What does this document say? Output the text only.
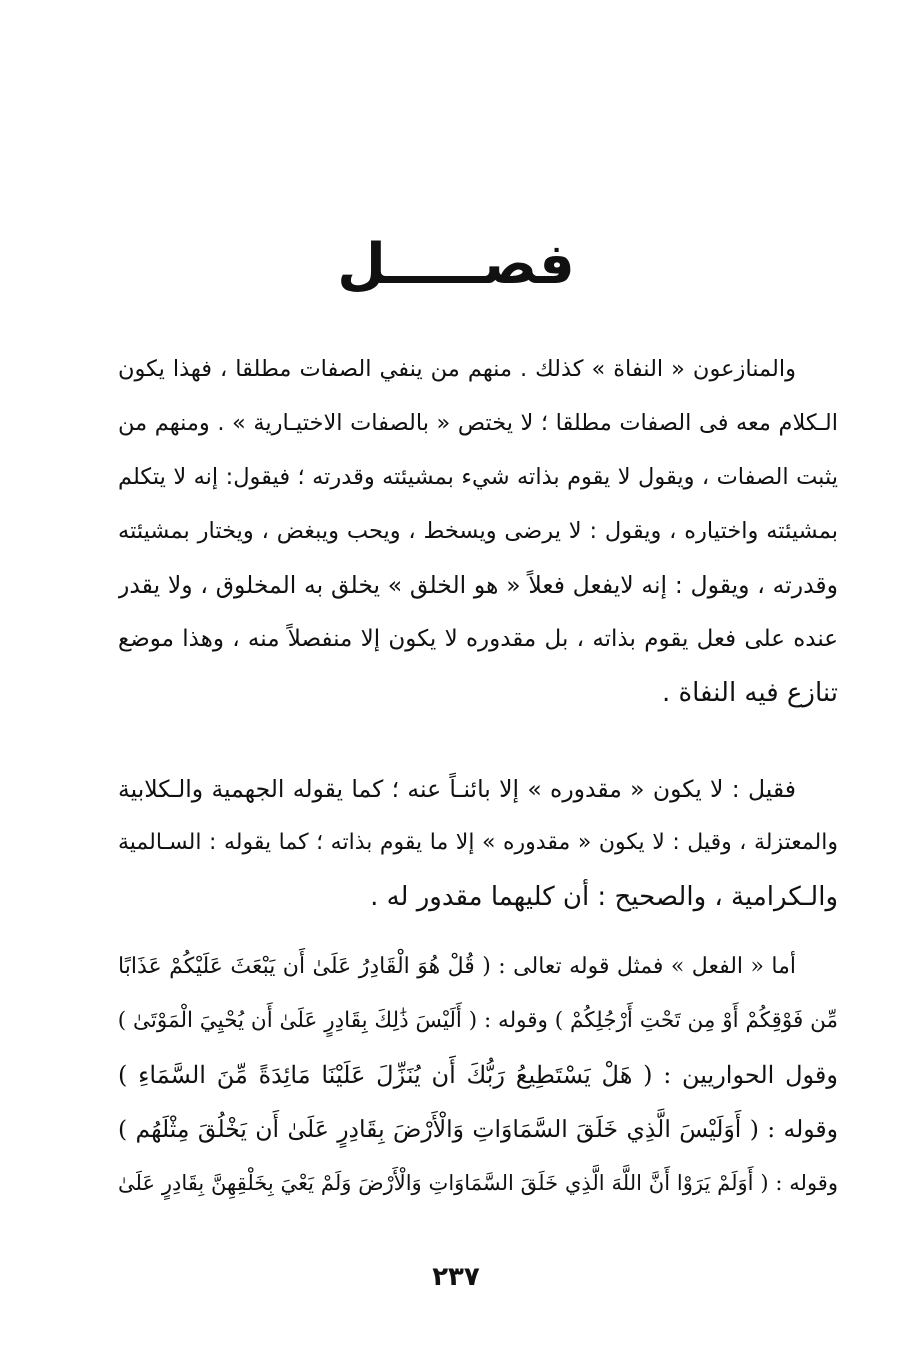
فصـــــل
والمنازعون « النفاة » كذلك . منهم من ينفي الصفات مطلقا ، فهذا يكون
الـكلام معه فى الصفات مطلقا ؛ لا يختص « بالصفات الاختيـارية » . ومنهم من
يثبت الصفات ، ويقول لا يقوم بذاته شيء بمشيئته وقدرته ؛ فيقول: إنه لا يتكلم
بمشيئته واختياره ، ويقول : لا يرضى ويسخط ، ويحب ويبغض ، ويختار بمشيئته
وقدرته ، ويقول : إنه لايفعل فعلاً « هو الخلق » يخلق به المخلوق ، ولا يقدر
عنده على فعل يقوم بذاته ، بل مقدوره لا يكون إلا منفصلاً منه ، وهذا موضع
تنازع فيه النفاة .
فقيل : لا يكون « مقدوره » إلا بائنـاً عنه ؛ كما يقوله الجهمية والـكلابية
والمعتزلة ، وقيل : لا يكون « مقدوره » إلا ما يقوم بذاته ؛ كما يقوله : السـالمية
والـكرامية ، والصحيح : أن كليهما مقدور له .
أما « الفعل » فمثل قوله تعالى : ( قُلْ هُوَ الْقَادِرُ عَلَىٰ أَن يَبْعَثَ عَلَيْكُمْ عَذَابًا
مِّن فَوْقِكُمْ أَوْ مِن تَحْتِ أَرْجُلِكُمْ ) وقوله : ( أَلَيْسَ ذَٰلِكَ بِقَادِرٍ عَلَىٰ أَن يُحْيِيَ الْمَوْتَىٰ )
وقول الحواريين : ( هَلْ يَسْتَطِيعُ رَبُّكَ أَن يُنَزِّلَ عَلَيْنَا مَائِدَةً مِّنَ السَّمَاءِ )
وقوله : ( أَوَلَيْسَ الَّذِي خَلَقَ السَّمَاوَاتِ وَالْأَرْضَ بِقَادِرٍ عَلَىٰ أَن يَخْلُقَ مِثْلَهُم )
وقوله : ( أَوَلَمْ يَرَوْا أَنَّ اللَّهَ الَّذِي خَلَقَ السَّمَاوَاتِ وَالْأَرْضَ وَلَمْ يَعْيَ بِخَلْقِهِنَّ بِقَادِرٍ عَلَىٰ
٢٣٧
